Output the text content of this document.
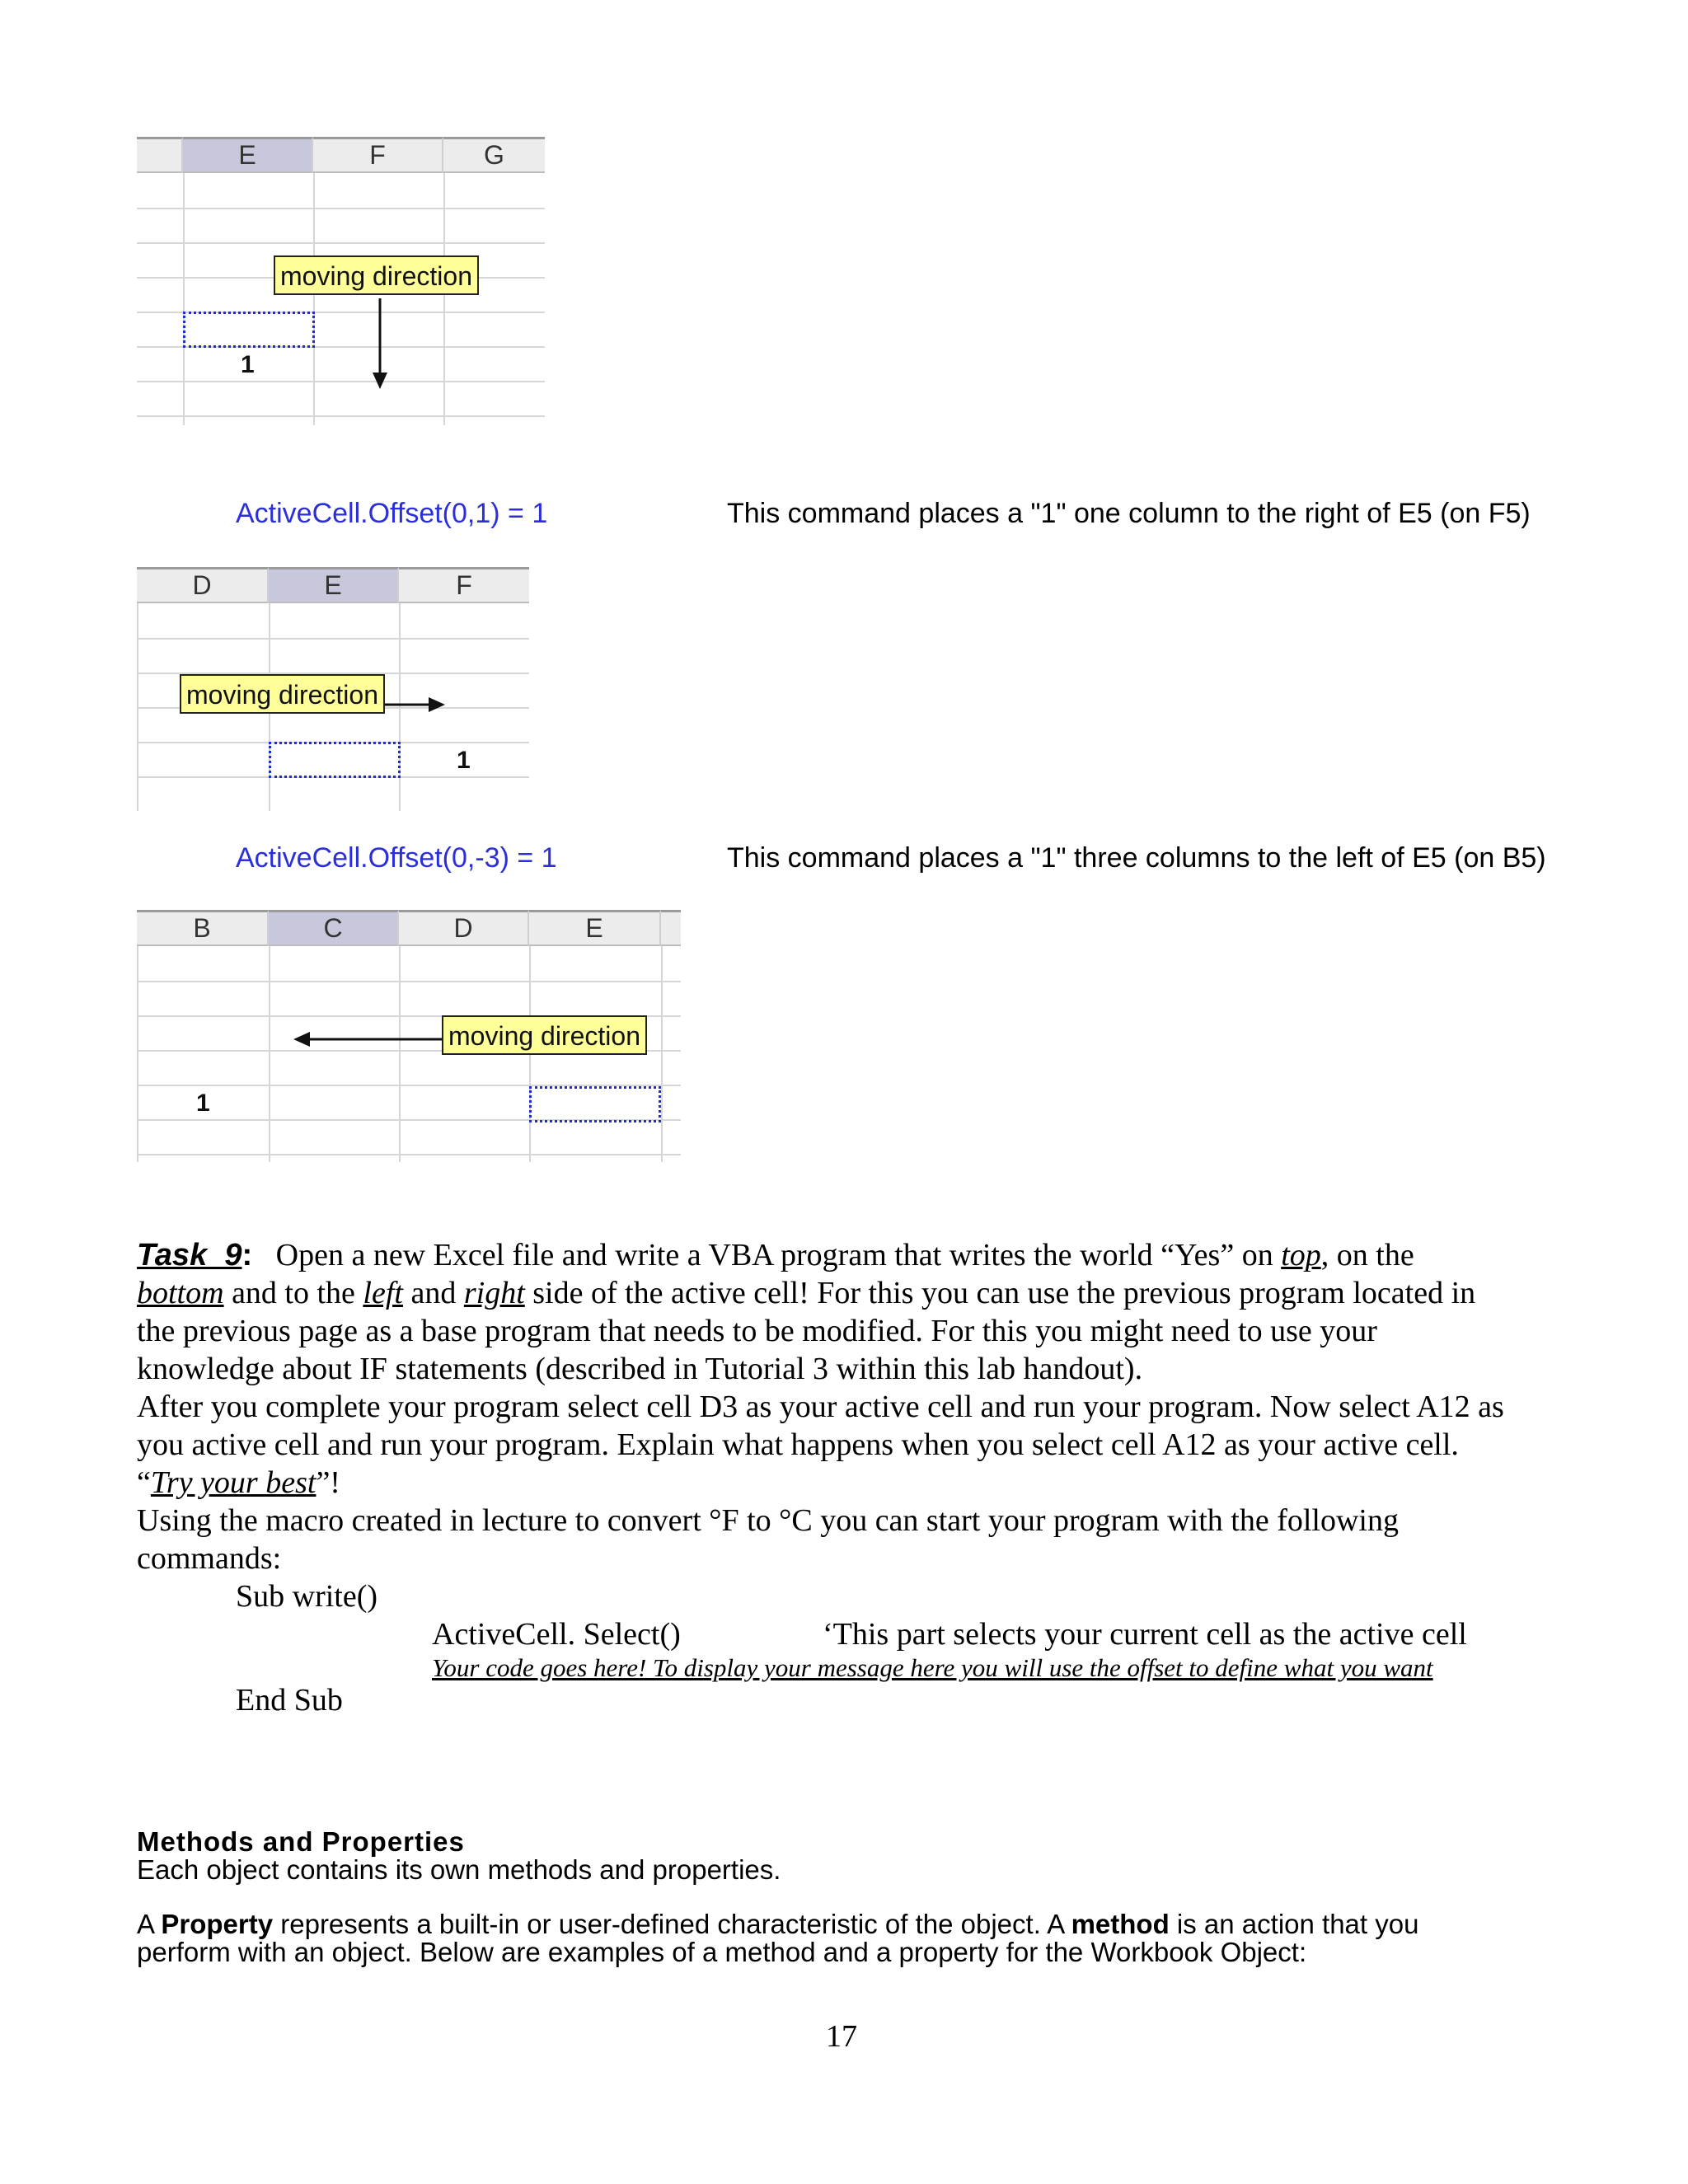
E	F	G
1
moving direction
ActiveCell.Offset(0,1) = 1	This command places a "1" one column to the right of E5 (on F5)
D	E	F
1
moving direction
ActiveCell.Offset(0,-3) = 1	This command places a "1" three columns to the left of E5 (on B5)
B	C	D	E
1
moving direction
Task_9: Open a new Excel file and write a VBA program that writes the world “Yes” on top, on the
bottom and to the left and right side of the active cell! For this you can use the previous program located in
the previous page as a base program that needs to be modified. For this you might need to use your
knowledge about IF statements (described in Tutorial 3 within this lab handout).
After you complete your program select cell D3 as your active cell and run your program. Now select A12 as
you active cell and run your program. Explain what happens when you select cell A12 as your active cell.
“Try your best”!
Using the macro created in lecture to convert °F to °C you can start your program with the following
commands:
Sub write()
ActiveCell. Select()	‘This part selects your current cell as the active cell
Your code goes here! To display your message here you will use the offset to define what you want
End Sub
Methods and Properties
Each object contains its own methods and properties.
A Property represents a built-in or user-defined characteristic of the object. A method is an action that you
perform with an object. Below are examples of a method and a property for the Workbook Object:
17
